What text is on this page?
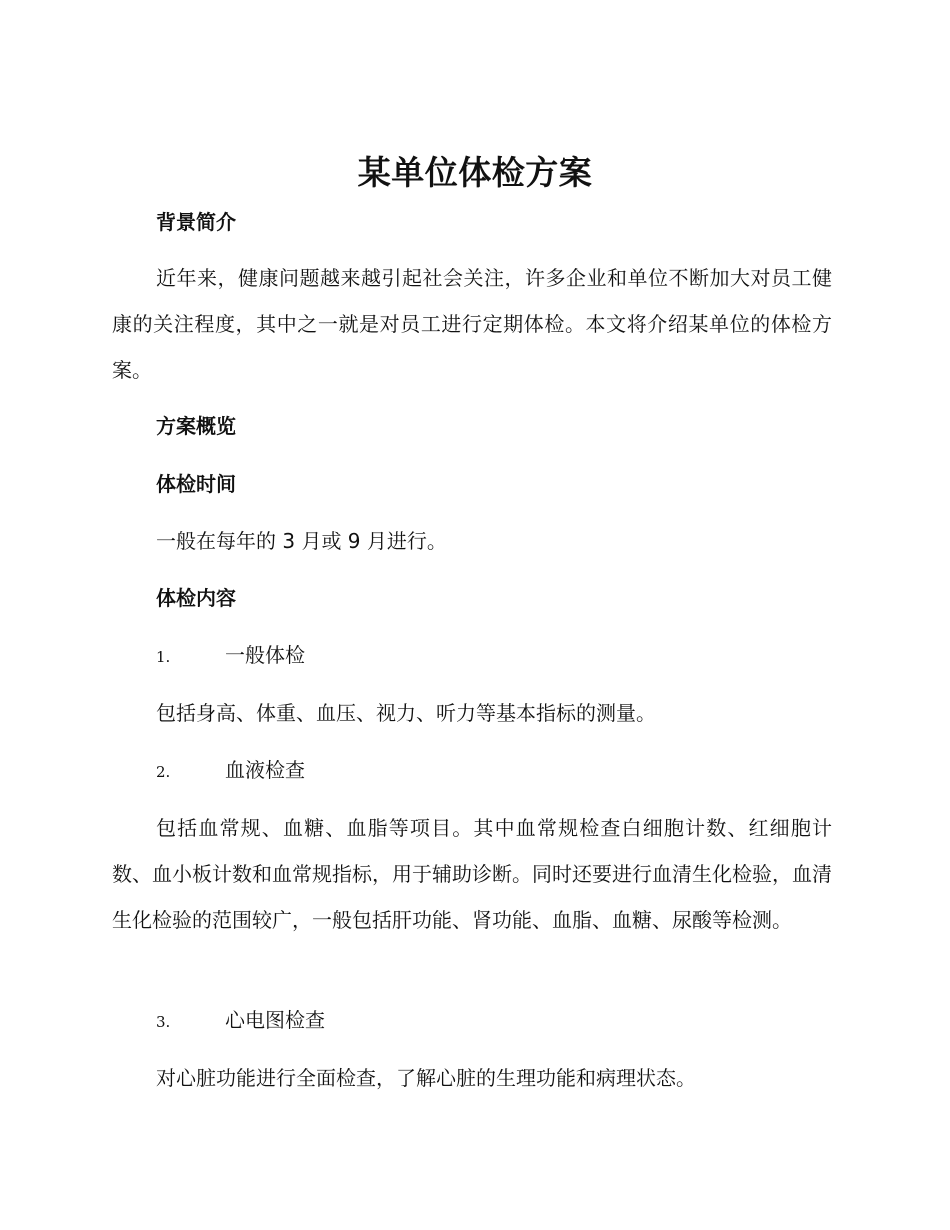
某单位体检方案
背景简介
近年来，健康问题越来越引起社会关注，许多企业和单位不断加大对员工健康的关注程度，其中之一就是对员工进行定期体检。本文将介绍某单位的体检方案。
方案概览
体检时间
一般在每年的 3 月或 9 月进行。
体检内容
1.	一般体检
包括身高、体重、血压、视力、听力等基本指标的测量。
2.	血液检查
包括血常规、血糖、血脂等项目。其中血常规检查白细胞计数、红细胞计数、血小板计数和血常规指标，用于辅助诊断。同时还要进行血清生化检验，血清生化检验的范围较广，一般包括肝功能、肾功能、血脂、血糖、尿酸等检测。
3.	心电图检查
对心脏功能进行全面检查，了解心脏的生理功能和病理状态。
